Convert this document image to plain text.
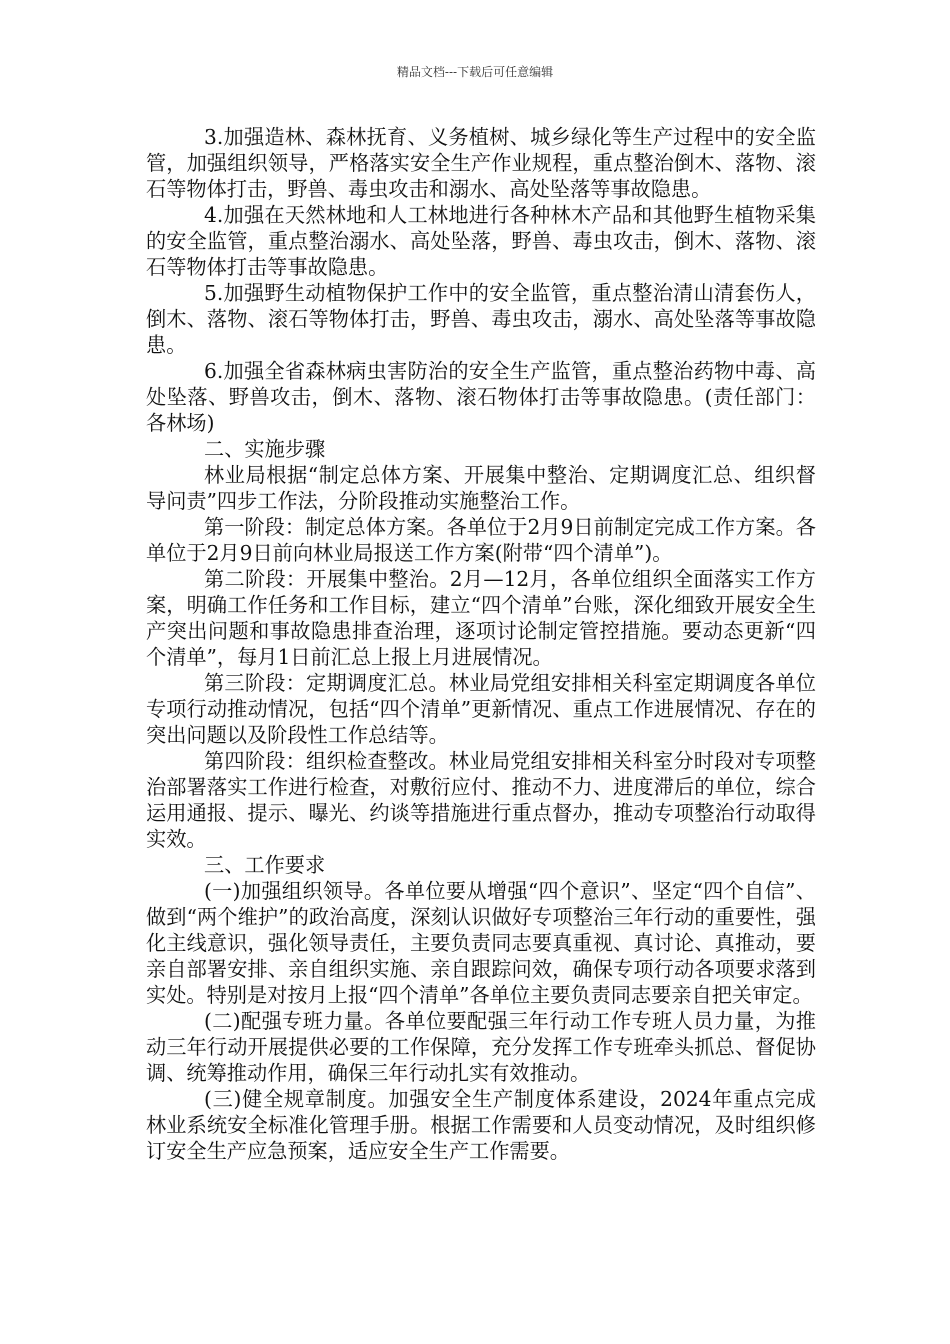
精品文档---下载后可任意编辑

3.加强造林、森林抚育、义务植树、城乡绿化等生产过程中的安全监管，加强组织领导，严格落实安全生产作业规程，重点整治倒木、落物、滚石等物体打击，野兽、毒虫攻击和溺水、高处坠落等事故隐患。

4.加强在天然林地和人工林地进行各种林木产品和其他野生植物采集的安全监管，重点整治溺水、高处坠落，野兽、毒虫攻击，倒木、落物、滚石等物体打击等事故隐患。

5.加强野生动植物保护工作中的安全监管，重点整治清山清套伤人，倒木、落物、滚石等物体打击，野兽、毒虫攻击，溺水、高处坠落等事故隐患。

6.加强全省森林病虫害防治的安全生产监管，重点整治药物中毒、高处坠落、野兽攻击，倒木、落物、滚石物体打击等事故隐患。(责任部门：各林场)

二、实施步骤

林业局根据“制定总体方案、开展集中整治、定期调度汇总、组织督导问责”四步工作法，分阶段推动实施整治工作。

第一阶段：制定总体方案。各单位于2月9日前制定完成工作方案。各单位于2月9日前向林业局报送工作方案(附带“四个清单”)。

第二阶段：开展集中整治。2月—12月，各单位组织全面落实工作方案，明确工作任务和工作目标，建立“四个清单”台账，深化细致开展安全生产突出问题和事故隐患排查治理，逐项讨论制定管控措施。要动态更新“四个清单”，每月1日前汇总上报上月进展情况。

第三阶段：定期调度汇总。林业局党组安排相关科室定期调度各单位专项行动推动情况，包括“四个清单”更新情况、重点工作进展情况、存在的突出问题以及阶段性工作总结等。

第四阶段：组织检查整改。林业局党组安排相关科室分时段对专项整治部署落实工作进行检查，对敷衍应付、推动不力、进度滞后的单位，综合运用通报、提示、曝光、约谈等措施进行重点督办，推动专项整治行动取得实效。

三、工作要求

(一)加强组织领导。各单位要从增强“四个意识”、坚定“四个自信”、做到“两个维护”的政治高度，深刻认识做好专项整治三年行动的重要性，强化主线意识，强化领导责任，主要负责同志要真重视、真讨论、真推动，要亲自部署安排、亲自组织实施、亲自跟踪问效，确保专项行动各项要求落到实处。特别是对按月上报“四个清单”各单位主要负责同志要亲自把关审定。

(二)配强专班力量。各单位要配强三年行动工作专班人员力量，为推动三年行动开展提供必要的工作保障，充分发挥工作专班牵头抓总、督促协调、统筹推动作用，确保三年行动扎实有效推动。

(三)健全规章制度。加强安全生产制度体系建设，2024年重点完成林业系统安全标准化管理手册。根据工作需要和人员变动情况，及时组织修订安全生产应急预案，适应安全生产工作需要。
